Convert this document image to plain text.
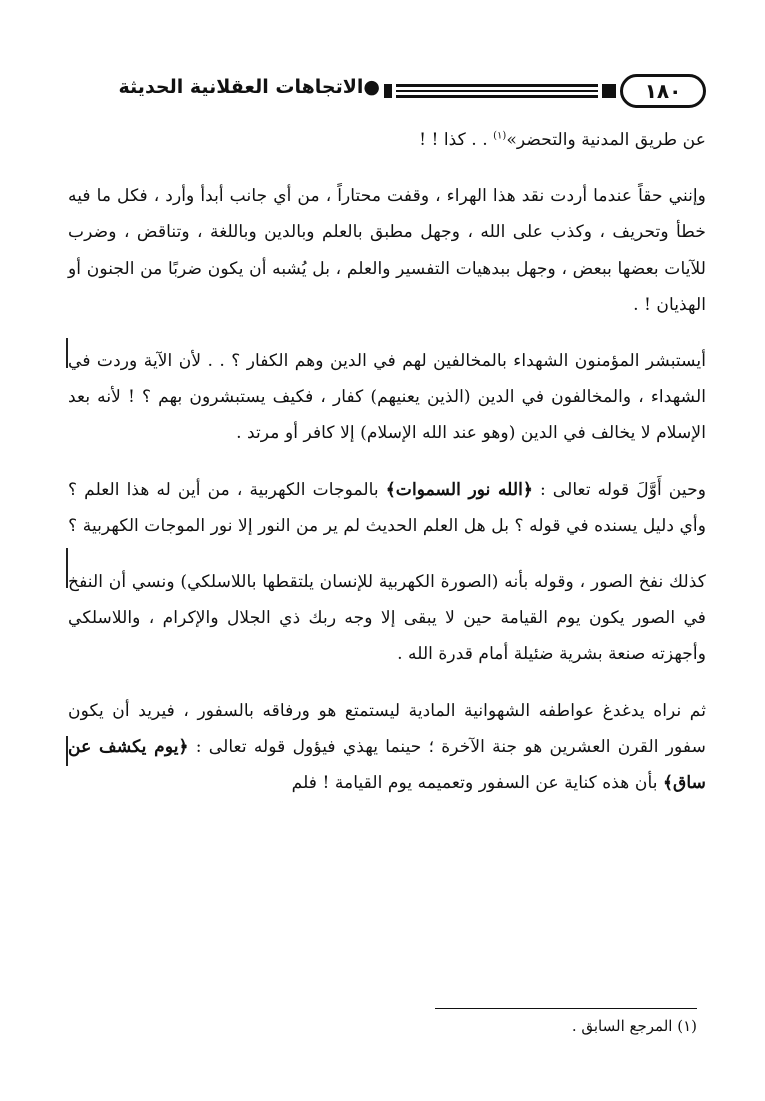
١٨٠
●الاتجاهات العقلانية الحديثة

عن طريق المدنية والتحضر»$^{(١)}$ . . كذا ! !

وإنني حقاً عندما أردت نقد هذا الهراء ، وقفت محتاراً ، من أي جانب أبدأ وأرد ، فكل ما فيه خطأ وتحريف ، وكذب على الله ، وجهل مطبق بالعلم وبالدين وباللغة ، وتناقض ، وضرب للآيات بعضها ببعض ، وجهل ببدهيات التفسير والعلم ، بل يُشبه أن يكون ضربًا من الجنون أو الهذيان ! .

أيستبشر المؤمنون الشهداء بالمخالفين لهم في الدين وهم الكفار ؟ . . لأن الآية وردت في الشهداء ، والمخالفون في الدين (الذين يعنيهم) كفار ، فكيف يستبشرون بهم ؟ ! لأنه بعد الإسلام لا يخالف في الدين (وهو عند الله الإسلام) إلا كافر أو مرتد .

وحين أَوَّلَ قوله تعالى : ﴿الله نور السموات﴾ بالموجات الكهربية ، من أين له هذا العلم ؟ وأي دليل يسنده في قوله ؟ بل هل العلم الحديث لم ير من النور إلا نور الموجات الكهربية ؟

كذلك نفخ الصور ، وقوله بأنه (الصورة الكهربية للإنسان يلتقطها باللاسلكي) ونسي أن النفخ في الصور يكون يوم القيامة حين لا يبقى إلا وجه ربك ذي الجلال والإكرام ، واللاسلكي وأجهزته صنعة بشرية ضئيلة أمام قدرة الله .

ثم نراه يدغدغ عواطفه الشهوانية المادية ليستمتع هو ورفاقه بالسفور ، فيريد أن يكون سفور القرن العشرين هو جنة الآخرة ؛ حينما يهذي فيؤول قوله تعالى : ﴿يوم يكشف عن ساق﴾ بأن هذه كناية عن السفور وتعميمه يوم القيامة ! فلم

(١) المرجع السابق .
